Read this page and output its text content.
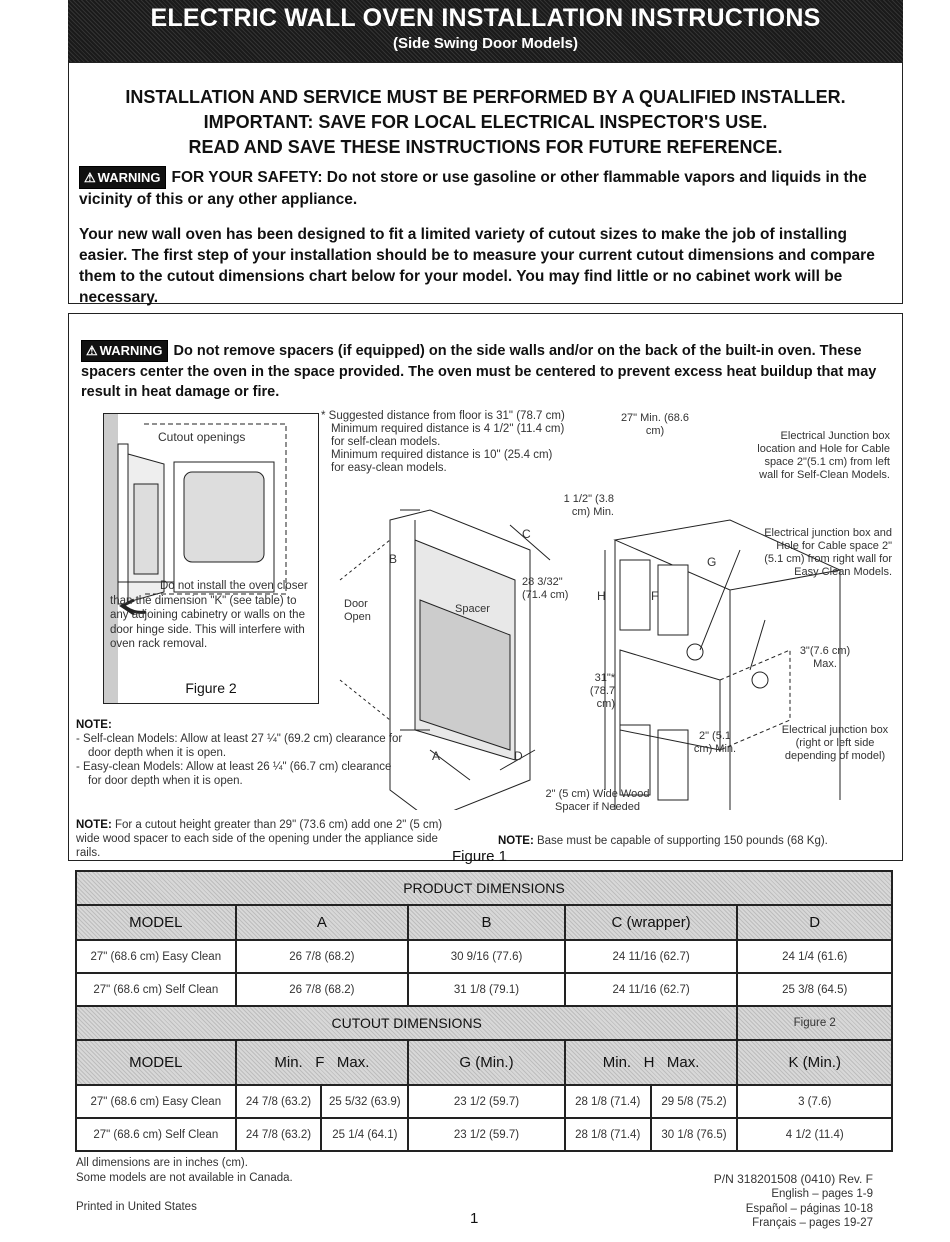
ELECTRIC WALL OVEN INSTALLATION INSTRUCTIONS
(Side Swing Door Models)
INSTALLATION AND SERVICE MUST BE PERFORMED BY A QUALIFIED INSTALLER.
IMPORTANT: SAVE FOR LOCAL ELECTRICAL INSPECTOR'S USE.
READ AND SAVE THESE INSTRUCTIONS FOR FUTURE REFERENCE.
⚠ WARNING FOR YOUR SAFETY: Do not store or use gasoline or other flammable vapors and liquids in the vicinity of this or any other appliance.
Your new wall oven has been designed to fit a limited variety of cutout sizes to make the job of installing easier. The first step of your installation should be to measure your current cutout dimensions and compare them to the cutout dimensions chart below for your model. You may find little or no cabinet work will be necessary.
⚠ WARNING Do not remove spacers (if equipped) on the side walls and/or on the back of the built-in oven. These spacers center the oven in the space provided. The oven must be centered to prevent excess heat buildup that may result in heat damage or fire.
Cutout openings
Do not install the oven closer than the dimension "K" (see table) to any adjoining cabinetry or walls on the door hinge side. This will interfere with oven rack removal.
Figure 2
* Suggested distance from floor is 31" (78.7 cm)
Minimum required distance is 4 1/2" (11.4 cm)
for self-clean models.
Minimum required distance is 10" (25.4 cm)
for easy-clean models.
B
C
A	D
Door Open
Spacer
28 3/32" (71.4 cm)
27" Min. (68.6 cm)
1 1/2" (3.8 cm) Min.
H
G
F
31"* (78.7 cm)
2" (5.1 cm) Min.
2" (5 cm) Wide Wood Spacer if Needed
Electrical Junction box location and Hole for Cable space 2"(5.1 cm) from left wall for Self-Clean Models.
Electrical junction box and Hole for Cable space 2" (5.1 cm) from right wall for Easy Clean Models.
3"(7.6 cm) Max.
Electrical junction box (right or left side depending of model)
NOTE:
- Self-clean Models: Allow at least 27 ¼" (69.2 cm) clearance for door depth when it is open.
- Easy-clean Models: Allow at least 26 ¼" (66.7 cm) clearance for door depth when it is open.
NOTE: For a cutout height greater than 29" (73.6 cm) add one 2" (5 cm) wide wood spacer to each side of the opening under the appliance side rails.
NOTE: Base must be capable of supporting 150 pounds (68 Kg).
Figure 1
PRODUCT DIMENSIONS						
MODEL	A		B	C (wrapper)		D
27" (68.6 cm) Easy Clean	26 7/8 (68.2)		30 9/16 (77.6)	24 11/16 (62.7)		24 1/4 (61.6)
27" (68.6 cm) Self Clean	26 7/8 (68.2)		31 1/8 (79.1)	24 11/16 (62.7)		25 3/8 (64.5)
CUTOUT DIMENSIONS						Figure 2
MODEL	Min.   F   Max.		G (Min.)	Min.   H   Max.		K (Min.)
27" (68.6 cm) Easy Clean	24 7/8 (63.2)	25 5/32 (63.9)	23 1/2 (59.7)	28 1/8 (71.4)	29 5/8 (75.2)	3 (7.6)
27" (68.6 cm) Self Clean	24 7/8 (63.2)	25 1/4 (64.1)	23 1/2 (59.7)	28 1/8 (71.4)	30 1/8 (76.5)	4 1/2 (11.4)
All dimensions are in inches (cm).
Some models are not available in Canada.
Printed in United States
1
P/N 318201508 (0410) Rev. F
English – pages 1-9
Español – páginas 10-18
Français – pages 19-27
